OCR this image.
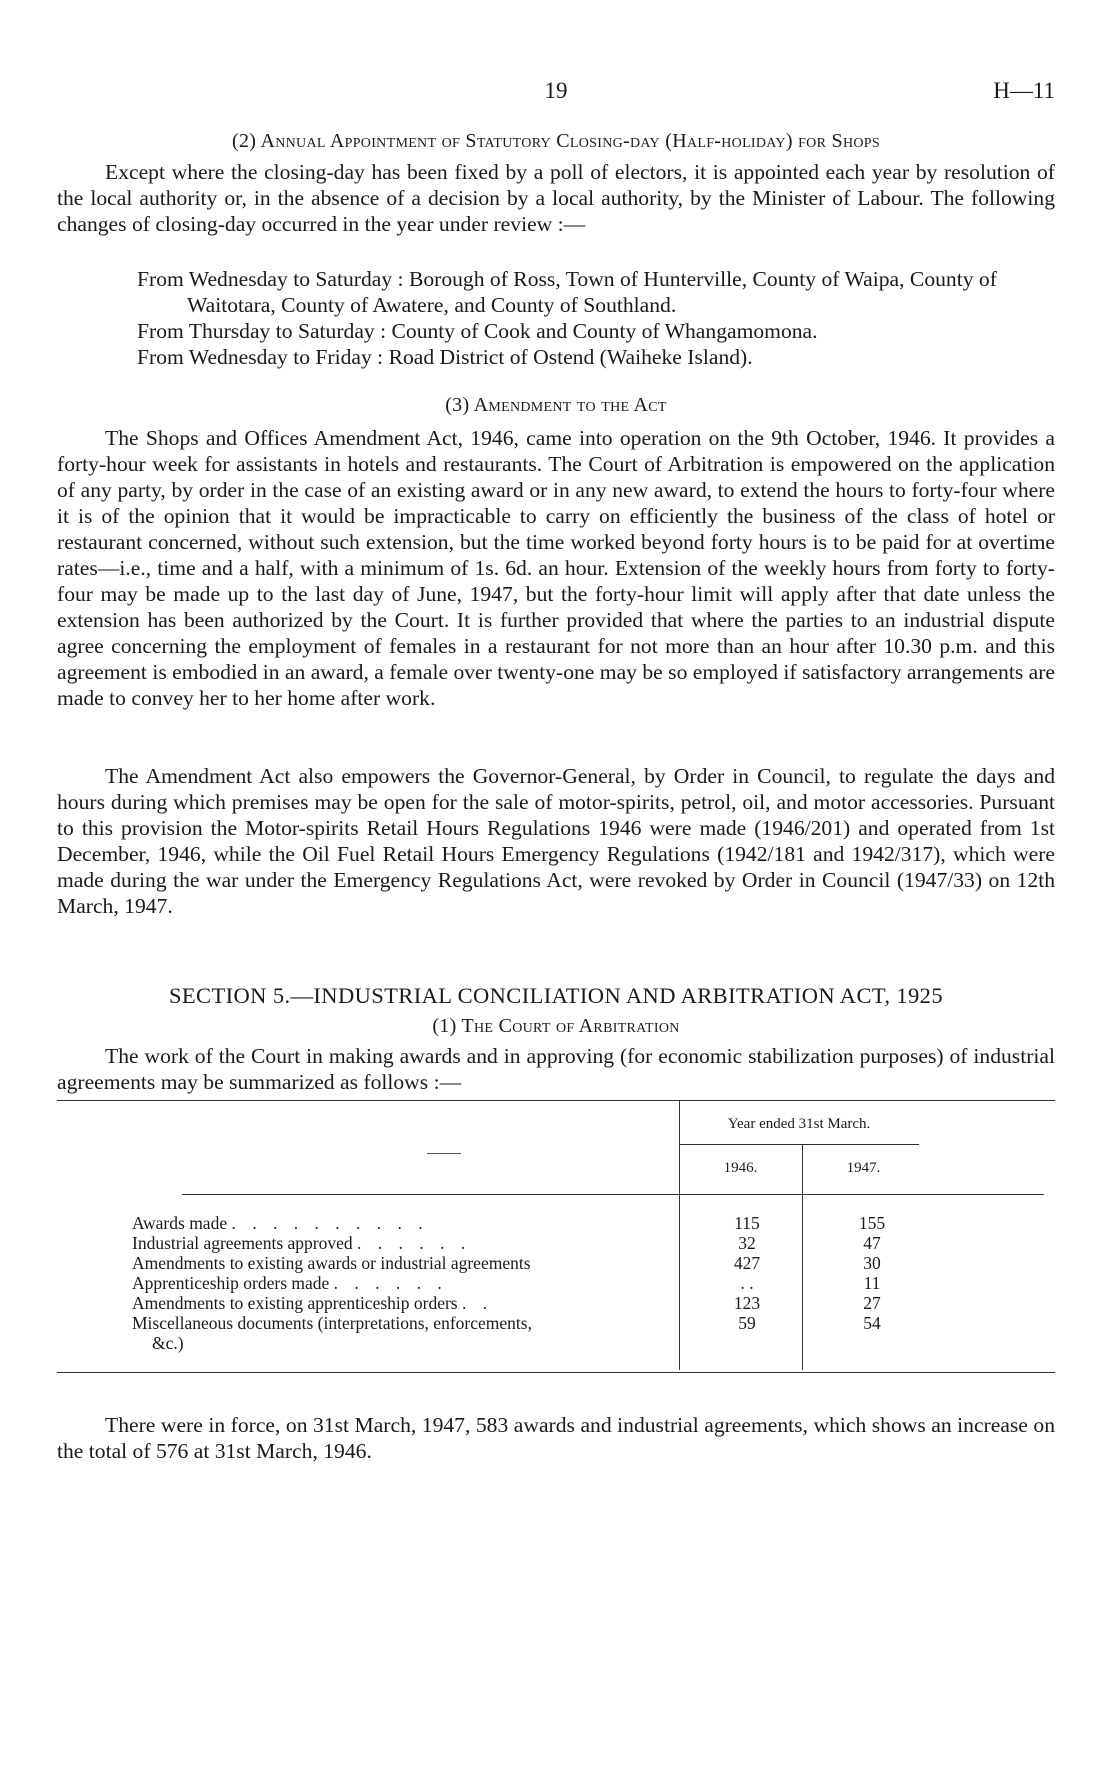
19	H—11
(2) Annual Appointment of Statutory Closing-day (Half-holiday) for Shops

Except where the closing-day has been fixed by a poll of electors, it is appointed each year by resolution of the local authority or, in the absence of a decision by a local authority, by the Minister of Labour. The following changes of closing-day occurred in the year under review :—

From Wednesday to Saturday : Borough of Ross, Town of Hunterville, County of Waipa, County of Waitotara, County of Awatere, and County of Southland.

From Thursday to Saturday : County of Cook and County of Whangamomona.

From Wednesday to Friday : Road District of Ostend (Waiheke Island).

(3) Amendment to the Act

The Shops and Offices Amendment Act, 1946, came into operation on the 9th October, 1946. It provides a forty-hour week for assistants in hotels and restaurants. The Court of Arbitration is empowered on the application of any party, by order in the case of an existing award or in any new award, to extend the hours to forty-four where it is of the opinion that it would be impracticable to carry on efficiently the business of the class of hotel or restaurant concerned, without such extension, but the time worked beyond forty hours is to be paid for at overtime rates—i.e., time and a half, with a minimum of 1s. 6d. an hour. Extension of the weekly hours from forty to forty-four may be made up to the last day of June, 1947, but the forty-hour limit will apply after that date unless the extension has been authorized by the Court. It is further provided that where the parties to an industrial dispute agree concerning the employment of females in a restaurant for not more than an hour after 10.30 p.m. and this agreement is embodied in an award, a female over twenty-one may be so employed if satisfactory arrangements are made to convey her to her home after work.

The Amendment Act also empowers the Governor-General, by Order in Council, to regulate the days and hours during which premises may be open for the sale of motor-spirits, petrol, oil, and motor accessories. Pursuant to this provision the Motor-spirits Retail Hours Regulations 1946 were made (1946/201) and operated from 1st December, 1946, while the Oil Fuel Retail Hours Emergency Regulations (1942/181 and 1942/317), which were made during the war under the Emergency Regulations Act, were revoked by Order in Council (1947/33) on 12th March, 1947.

SECTION 5.—INDUSTRIAL CONCILIATION AND ARBITRATION ACT, 1925
(1) The Court of Arbitration

The work of the Court in making awards and in approving (for economic stabilization purposes) of industrial agreements may be summarized as follows :—

Year ended 31st March.
1946.	1947.
Awards made . . . . . . . . . .	115	155
Industrial agreements approved . . . . . .	32	47
Amendments to existing awards or industrial agreements	427	30
Apprenticeship orders made . . . . . .	. .	11
Amendments to existing apprenticeship orders . .	123	27
Miscellaneous documents (interpretations, enforcements,	59	54
&c.)

There were in force, on 31st March, 1947, 583 awards and industrial agreements, which shows an increase on the total of 576 at 31st March, 1946.
